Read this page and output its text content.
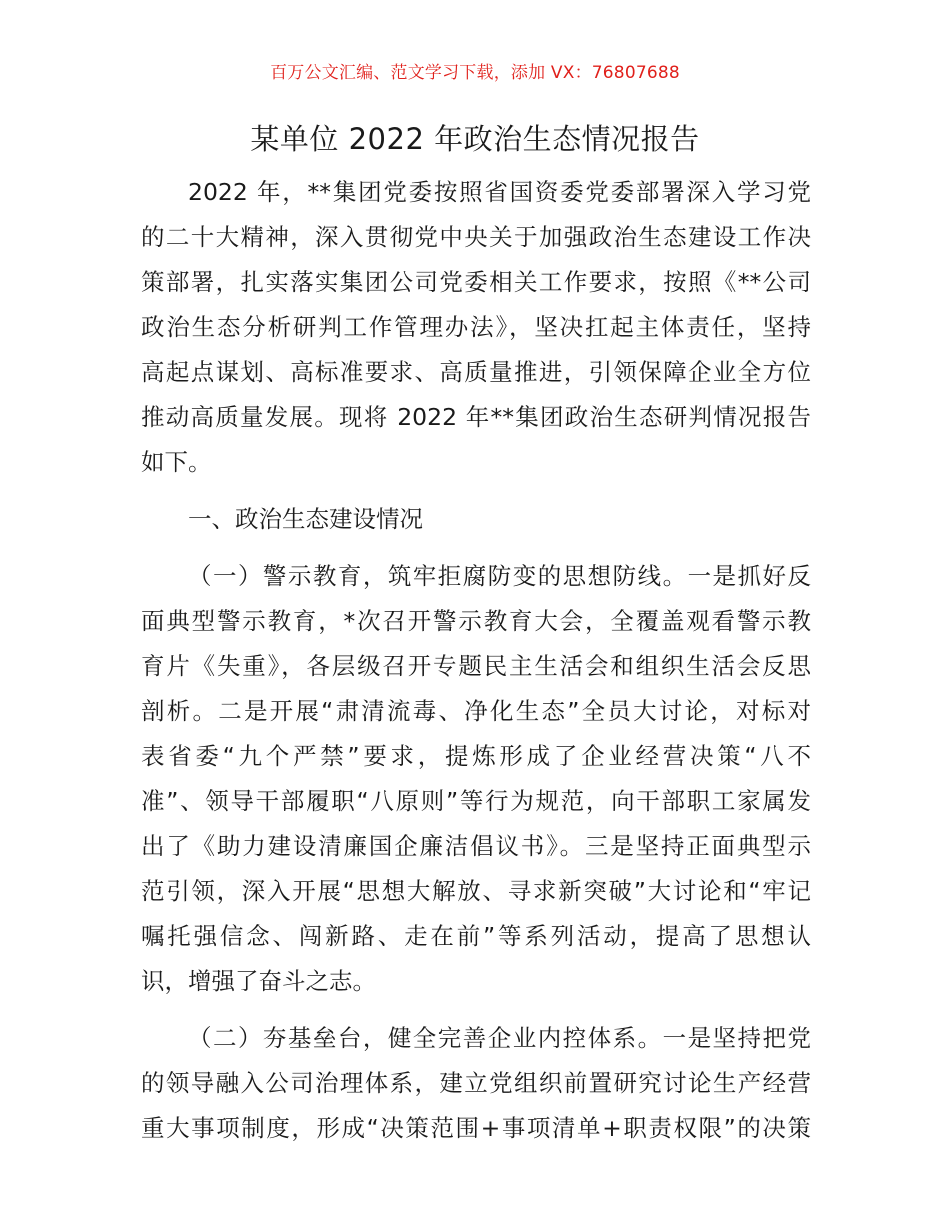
百万公文汇编、范文学习下载，添加 VX：76807688
某单位 2022 年政治生态情况报告
2022 年，**集团党委按照省国资委党委部署深入学习党
的二十大精神，深入贯彻党中央关于加强政治生态建设工作决
策部署，扎实落实集团公司党委相关工作要求，按照《**公司
政治生态分析研判工作管理办法》，坚决扛起主体责任，坚持
高起点谋划、高标准要求、高质量推进，引领保障企业全方位
推动高质量发展。现将 2022 年**集团政治生态研判情况报告
如下。
一、政治生态建设情况
（一）警示教育，筑牢拒腐防变的思想防线。一是抓好反
面典型警示教育，*次召开警示教育大会，全覆盖观看警示教
育片《失重》，各层级召开专题民主生活会和组织生活会反思
剖析。二是开展“肃清流毒、净化生态”全员大讨论，对标对
表省委“九个严禁”要求，提炼形成了企业经营决策“八不
准”、领导干部履职“八原则”等行为规范，向干部职工家属发
出了《助力建设清廉国企廉洁倡议书》。三是坚持正面典型示
范引领，深入开展“思想大解放、寻求新突破”大讨论和“牢记
嘱托强信念、闯新路、走在前”等系列活动，提高了思想认
识，增强了奋斗之志。
（二）夯基垒台，健全完善企业内控体系。一是坚持把党
的领导融入公司治理体系，建立党组织前置研究讨论生产经营
重大事项制度，形成“决策范围+事项清单+职责权限”的决策
